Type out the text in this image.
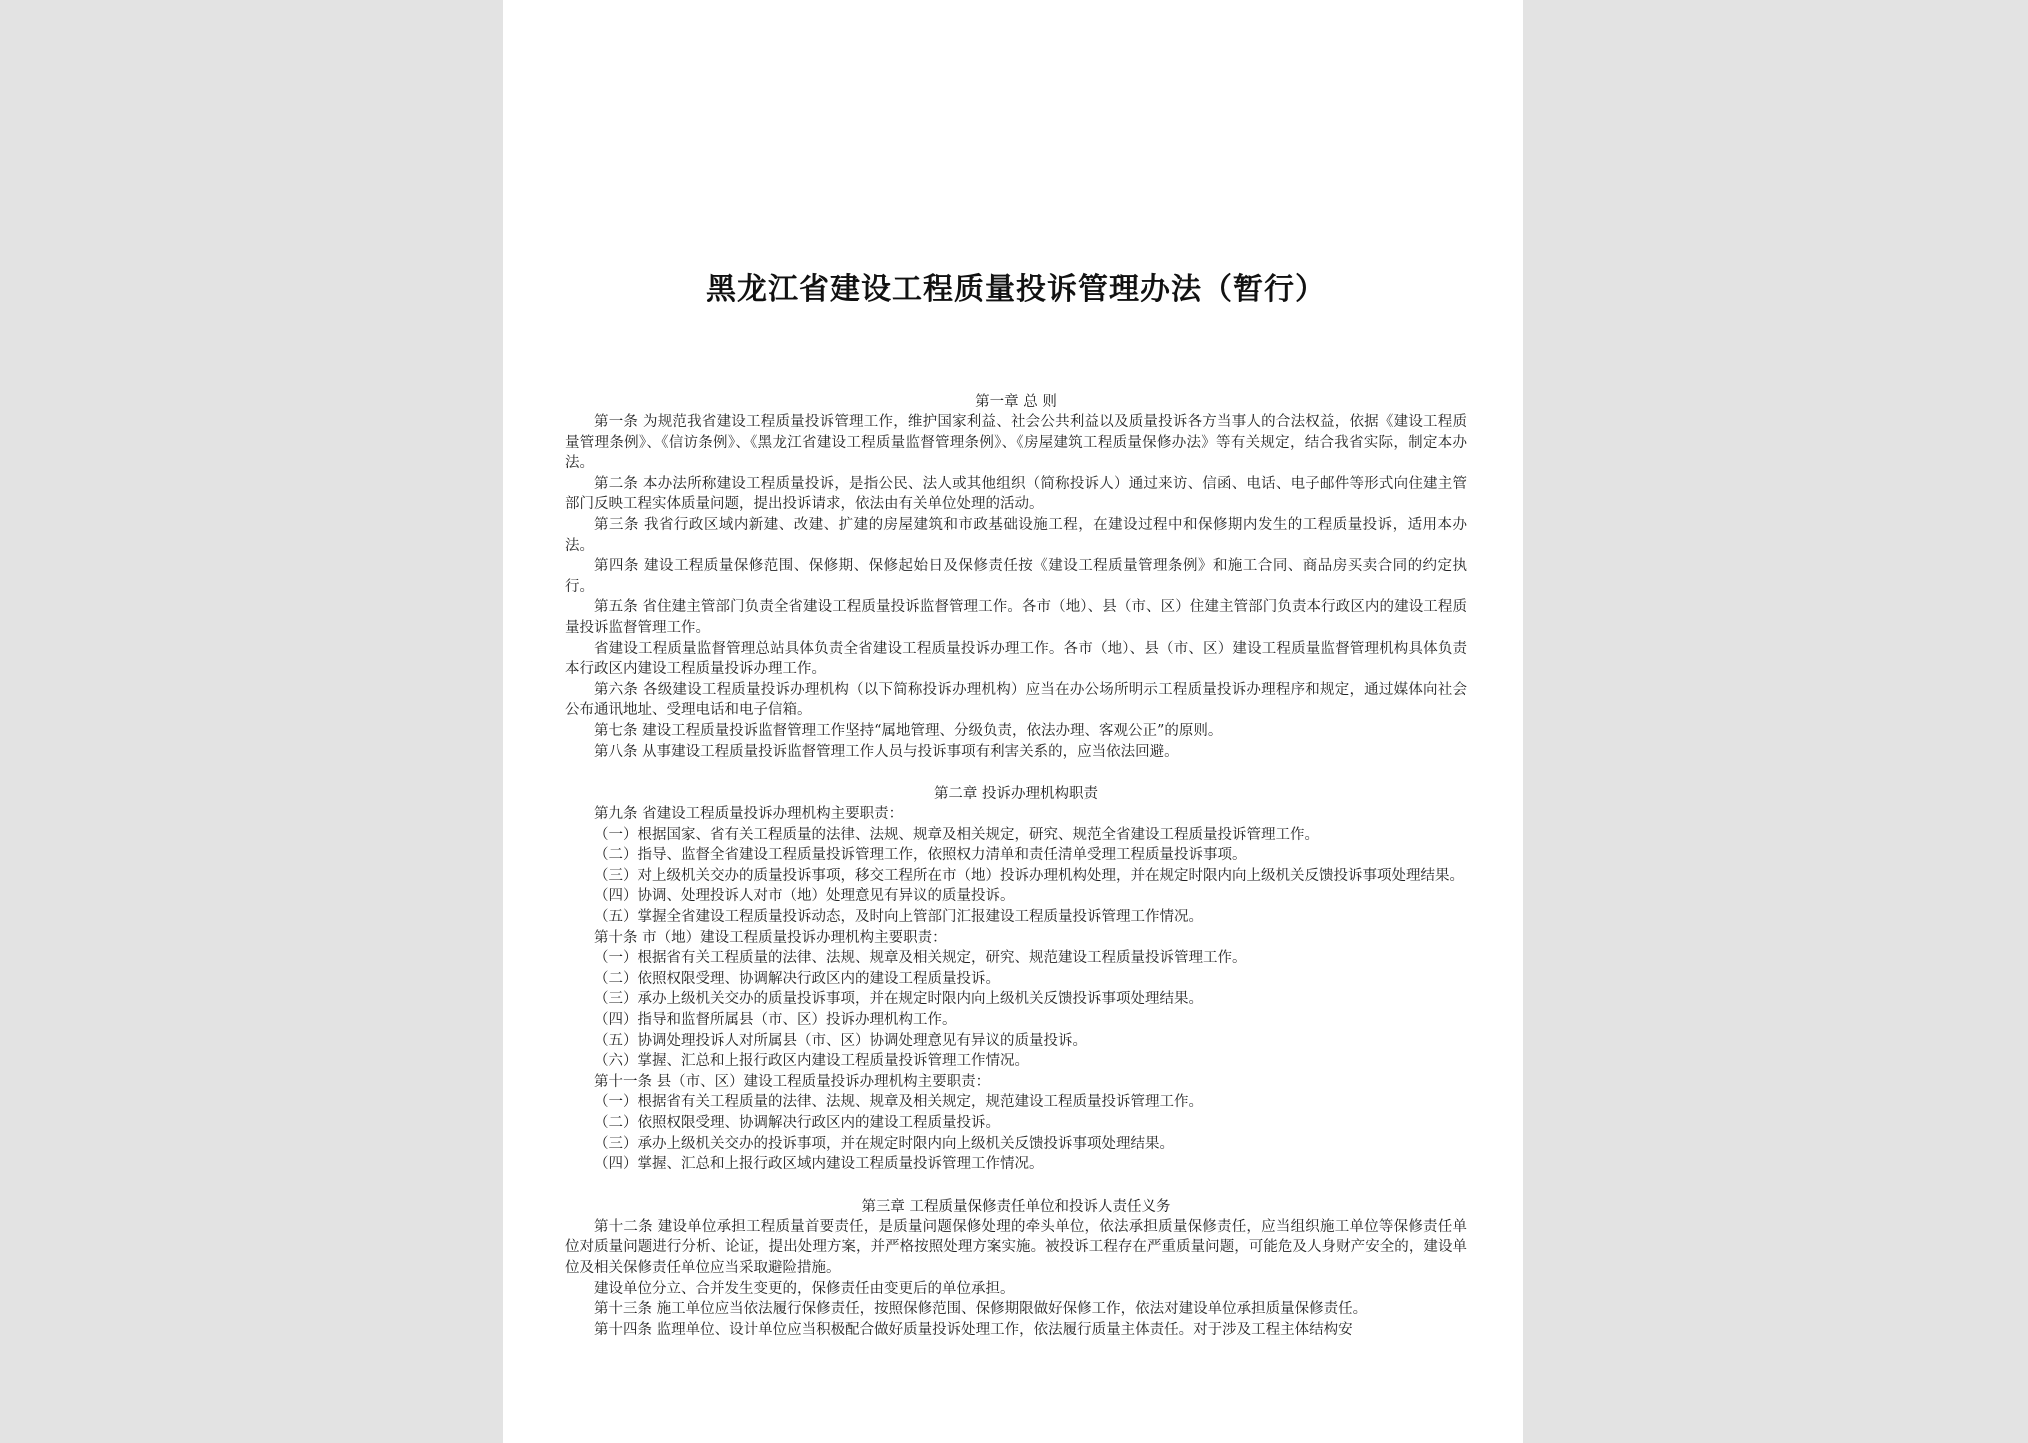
黑龙江省建设工程质量投诉管理办法（暂行）
第一章 总 则

第一条 为规范我省建设工程质量投诉管理工作，维护国家利益、社会公共利益以及质量投诉各方当事人的合法权益，依据《建设工程质量管理条例》、《信访条例》、《黑龙江省建设工程质量监督管理条例》、《房屋建筑工程质量保修办法》等有关规定，结合我省实际，制定本办法。

第二条 本办法所称建设工程质量投诉，是指公民、法人或其他组织（简称投诉人）通过来访、信函、电话、电子邮件等形式向住建主管部门反映工程实体质量问题，提出投诉请求，依法由有关单位处理的活动。

第三条 我省行政区域内新建、改建、扩建的房屋建筑和市政基础设施工程，在建设过程中和保修期内发生的工程质量投诉，适用本办法。

第四条 建设工程质量保修范围、保修期、保修起始日及保修责任按《建设工程质量管理条例》和施工合同、商品房买卖合同的约定执行。

第五条 省住建主管部门负责全省建设工程质量投诉监督管理工作。各市（地）、县（市、区）住建主管部门负责本行政区内的建设工程质量投诉监督管理工作。

省建设工程质量监督管理总站具体负责全省建设工程质量投诉办理工作。各市（地）、县（市、区）建设工程质量监督管理机构具体负责本行政区内建设工程质量投诉办理工作。

第六条 各级建设工程质量投诉办理机构（以下简称投诉办理机构）应当在办公场所明示工程质量投诉办理程序和规定，通过媒体向社会公布通讯地址、受理电话和电子信箱。

第七条 建设工程质量投诉监督管理工作坚持“属地管理、分级负责，依法办理、客观公正”的原则。

第八条 从事建设工程质量投诉监督管理工作人员与投诉事项有利害关系的，应当依法回避。

第二章 投诉办理机构职责

第九条 省建设工程质量投诉办理机构主要职责：

（一）根据国家、省有关工程质量的法律、法规、规章及相关规定，研究、规范全省建设工程质量投诉管理工作。

（二）指导、监督全省建设工程质量投诉管理工作，依照权力清单和责任清单受理工程质量投诉事项。

（三）对上级机关交办的质量投诉事项，移交工程所在市（地）投诉办理机构处理，并在规定时限内向上级机关反馈投诉事项处理结果。

（四）协调、处理投诉人对市（地）处理意见有异议的质量投诉。

（五）掌握全省建设工程质量投诉动态，及时向上管部门汇报建设工程质量投诉管理工作情况。

第十条 市（地）建设工程质量投诉办理机构主要职责：

（一）根据省有关工程质量的法律、法规、规章及相关规定，研究、规范建设工程质量投诉管理工作。

（二）依照权限受理、协调解决行政区内的建设工程质量投诉。

（三）承办上级机关交办的质量投诉事项，并在规定时限内向上级机关反馈投诉事项处理结果。

（四）指导和监督所属县（市、区）投诉办理机构工作。

（五）协调处理投诉人对所属县（市、区）协调处理意见有异议的质量投诉。

（六）掌握、汇总和上报行政区内建设工程质量投诉管理工作情况。

第十一条 县（市、区）建设工程质量投诉办理机构主要职责：

（一）根据省有关工程质量的法律、法规、规章及相关规定，规范建设工程质量投诉管理工作。

（二）依照权限受理、协调解决行政区内的建设工程质量投诉。

（三）承办上级机关交办的投诉事项，并在规定时限内向上级机关反馈投诉事项处理结果。

（四）掌握、汇总和上报行政区域内建设工程质量投诉管理工作情况。

第三章 工程质量保修责任单位和投诉人责任义务

第十二条 建设单位承担工程质量首要责任，是质量问题保修处理的牵头单位，依法承担质量保修责任，应当组织施工单位等保修责任单位对质量问题进行分析、论证，提出处理方案，并严格按照处理方案实施。被投诉工程存在严重质量问题，可能危及人身财产安全的，建设单位及相关保修责任单位应当采取避险措施。

建设单位分立、合并发生变更的，保修责任由变更后的单位承担。

第十三条 施工单位应当依法履行保修责任，按照保修范围、保修期限做好保修工作，依法对建设单位承担质量保修责任。

第十四条 监理单位、设计单位应当积极配合做好质量投诉处理工作，依法履行质量主体责任。对于涉及工程主体结构安
